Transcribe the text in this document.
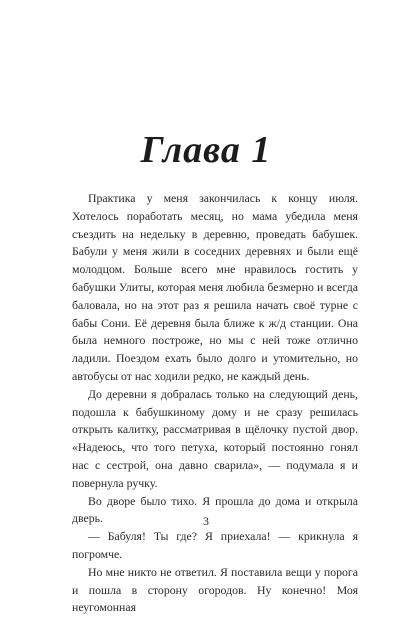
Глава 1

Практика у меня закончилась к концу июля. Хотелось поработать месяц, но мама убедила меня съездить на недельку в деревню, проведать бабушек. Бабули у меня жили в соседних деревнях и были ещё молодцом. Больше всего мне нравилось гостить у бабушки Улиты, которая меня любила безмерно и всегда баловала, но на этот раз я решила начать своё турне с бабы Сони. Её деревня была ближе к ж/д станции. Она была немного построже, но мы с ней тоже отлично ладили. Поездом ехать было долго и утомительно, но автобусы от нас ходили редко, не каждый день.

До деревни я добралась только на следующий день, подошла к бабушкиному дому и не сразу решилась открыть калитку, рассматривая в щёлочку пустой двор. «Надеюсь, что того петуха, который постоянно гонял нас с сестрой, она давно сварила», — подумала я и повернула ручку.

Во дворе было тихо. Я прошла до дома и открыла дверь.

— Бабуля! Ты где? Я приехала! — крикнула я погромче.

Но мне никто не ответил. Я поставила вещи у порога и пошла в сторону огородов. Ну конечно! Моя неугомонная

3
